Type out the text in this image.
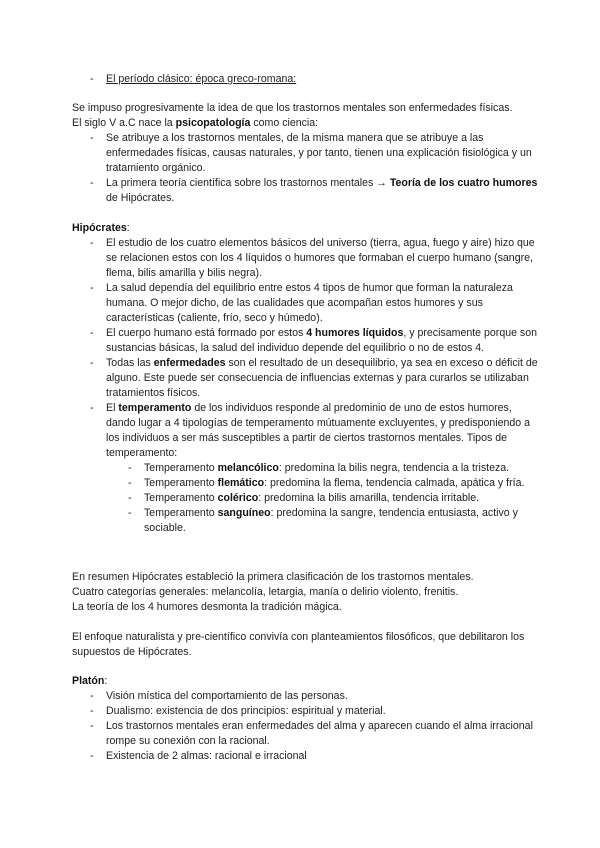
- El período clásico: época greco-romana:

Se impuso progresivamente la idea de que los trastornos mentales son enfermedades físicas.

El siglo V a.C nace la psicopatología como ciencia:

- Se atribuye a los trastornos mentales, de la misma manera que se atribuye a las enfermedades físicas, causas naturales, y por tanto, tienen una explicación fisiológica y un tratamiento orgánico.
- La primera teoría científica sobre los trastornos mentales → Teoría de los cuatro humores de Hipócrates.

Hipócrates:

- El estudio de los cuatro elementos básicos del universo (tierra, agua, fuego y aire) hizo que se relacionen estos con los 4 líquidos o humores que formaban el cuerpo humano (sangre, flema, bilis amarilla y bilis negra).
- La salud dependía del equilibrio entre estos 4 tipos de humor que forman la naturaleza humana. O mejor dicho, de las cualidades que acompañan estos humores y sus características (caliente, frío, seco y húmedo).
- El cuerpo humano está formado por estos 4 humores líquidos, y precisamente porque son sustancias básicas, la salud del individuo depende del equilibrio o no de estos 4.
- Todas las enfermedades son el resultado de un desequilibrio, ya sea en exceso o déficit de alguno. Este puede ser consecuencia de influencias externas y para curarlos se utilizaban tratamientos físicos.
- El temperamento de los individuos responde al predominio de uno de estos humores, dando lugar a 4 tipologías de temperamento mútuamente excluyentes, y predisponiendo a los individuos a ser más susceptibles a partir de ciertos trastornos mentales. Tipos de temperamento:
- Temperamento melancólico: predomina la bilis negra, tendencia a la tristeza.
- Temperamento flemático: predomina la flema, tendencia calmada, apática y fría.
- Temperamento colérico: predomina la bilis amarilla, tendencia irritable.
- Temperamento sanguíneo: predomina la sangre, tendencia entusiasta, activo y sociable.

En resumen Hipócrates estableció la primera clasificación de los trastornos mentales.

Cuatro categorías generales: melancolía, letargia, manía o delirio violento, frenitis.

La teoría de los 4 humores desmonta la tradición mágica.

El enfoque naturalista y pre-científico convivía con planteamientos filosóficos, que debilitaron los supuestos de Hipócrates.

Platón:

- Visión mística del comportamiento de las personas.
- Dualismo: existencia de dos principios: espiritual y material.
- Los trastornos mentales eran enfermedades del alma y aparecen cuando el alma irracional rompe su conexión con la racional.
- Existencia de 2 almas: racional e irracional
